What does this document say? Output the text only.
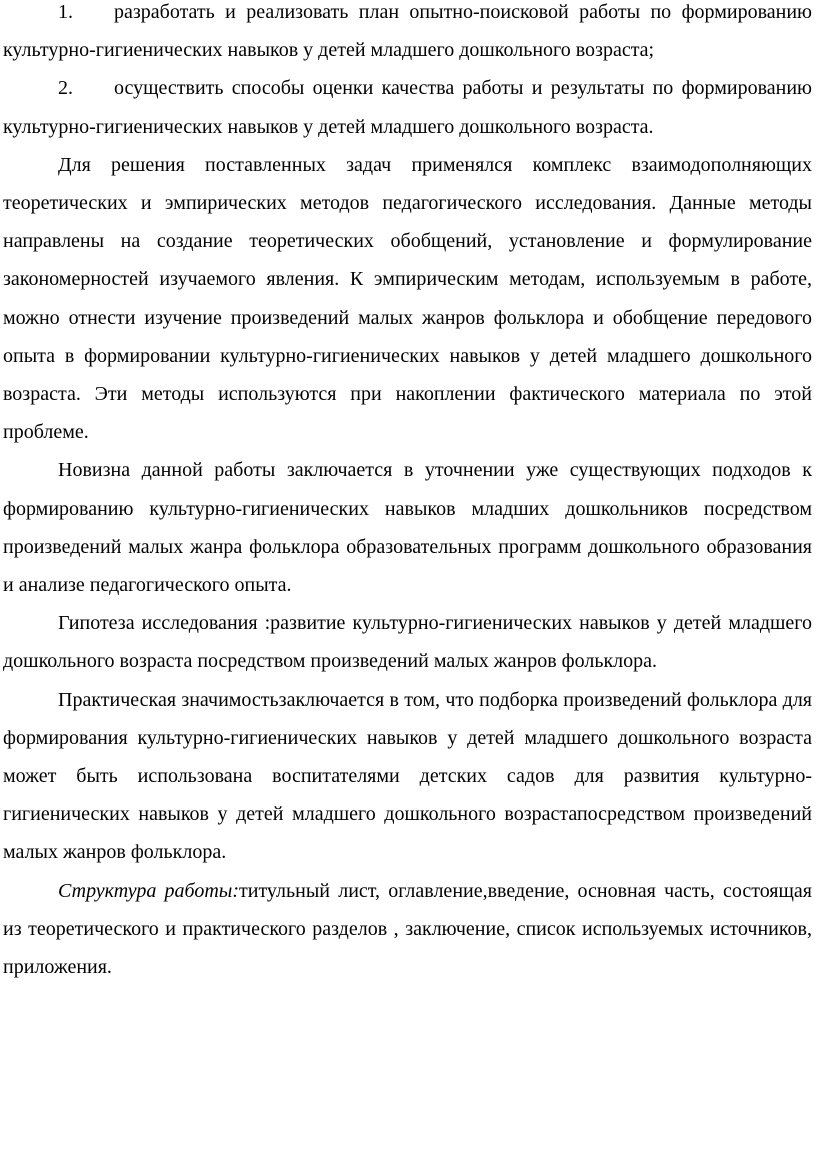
1. разработать и реализовать план опытно-поисковой работы по формированию культурно-гигиенических навыков у детей младшего дошкольного возраста;

2. осуществить способы оценки качества работы и результаты по формированию культурно-гигиенических навыков у детей младшего дошкольного возраста.

Для решения поставленных задач применялся комплекс взаимодополняющих теоретических и эмпирических методов педагогического исследования. Данные методы направлены на создание теоретических обобщений, установление и формулирование закономерностей изучаемого явления. К эмпирическим методам, используемым в работе, можно отнести изучение произведений малых жанров фольклора и обобщение передового опыта в формировании культурно-гигиенических навыков у детей младшего дошкольного возраста. Эти методы используются при накоплении фактического материала по этой проблеме.

Новизна данной работы заключается в уточнении уже существующих подходов к формированию культурно-гигиенических навыков младших дошкольников посредством произведений малых жанра фольклора образовательных программ дошкольного образования и анализе педагогического опыта.

Гипотеза исследования :развитие культурно-гигиенических навыков у детей младшего дошкольного возраста посредством произведений малых жанров фольклора.

Практическая значимостьзаключается в том, что подборка произведений фольклора для формирования культурно-гигиенических навыков у детей младшего дошкольного возраста может быть использована воспитателями детских садов для развития культурно-гигиенических навыков у детей младшего дошкольного возрастапосредством произведений малых жанров фольклора.

Структура работы:титульный лист, оглавление,введение, основная часть, состоящая из теоретического и практического разделов , заключение, список используемых источников, приложения.
